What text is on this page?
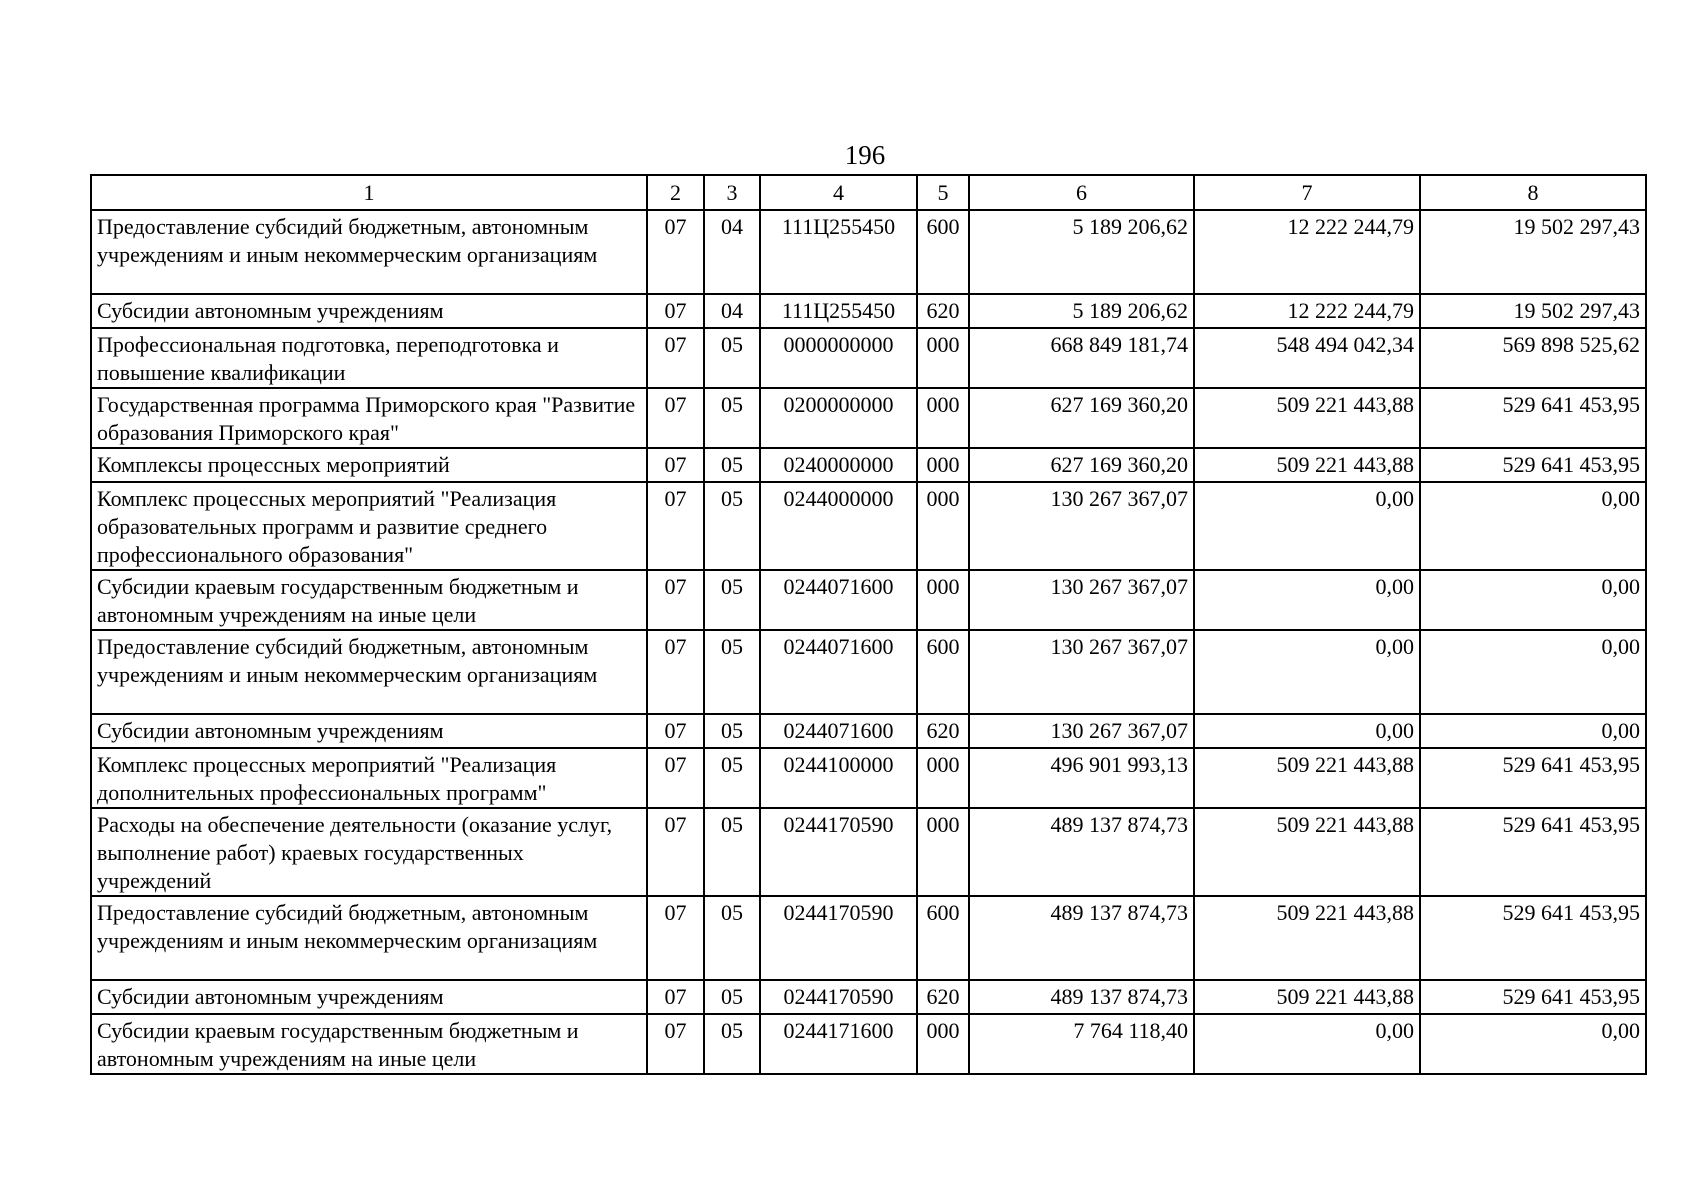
196
1	2	3	4	5	6	7	8
Предоставление субсидий бюджетным, автономным учреждениям и иным некоммерческим организациям	07	04	111Ц255450	600	5 189 206,62	12 222 244,79	19 502 297,43
Субсидии автономным учреждениям	07	04	111Ц255450	620	5 189 206,62	12 222 244,79	19 502 297,43
Профессиональная подготовка, переподготовка и повышение квалификации	07	05	0000000000	000	668 849 181,74	548 494 042,34	569 898 525,62
Государственная программа Приморского края "Развитие образования Приморского края"	07	05	0200000000	000	627 169 360,20	509 221 443,88	529 641 453,95
Комплексы процессных мероприятий	07	05	0240000000	000	627 169 360,20	509 221 443,88	529 641 453,95
Комплекс процессных мероприятий "Реализация образовательных программ и развитие среднего профессионального образования"	07	05	0244000000	000	130 267 367,07	0,00	0,00
Субсидии краевым государственным бюджетным и автономным учреждениям на иные цели	07	05	0244071600	000	130 267 367,07	0,00	0,00
Предоставление субсидий бюджетным, автономным учреждениям и иным некоммерческим организациям	07	05	0244071600	600	130 267 367,07	0,00	0,00
Субсидии автономным учреждениям	07	05	0244071600	620	130 267 367,07	0,00	0,00
Комплекс процессных мероприятий "Реализация дополнительных профессиональных программ"	07	05	0244100000	000	496 901 993,13	509 221 443,88	529 641 453,95
Расходы на обеспечение деятельности (оказание услуг, выполнение работ) краевых государственных учреждений	07	05	0244170590	000	489 137 874,73	509 221 443,88	529 641 453,95
Предоставление субсидий бюджетным, автономным учреждениям и иным некоммерческим организациям	07	05	0244170590	600	489 137 874,73	509 221 443,88	529 641 453,95
Субсидии автономным учреждениям	07	05	0244170590	620	489 137 874,73	509 221 443,88	529 641 453,95
Субсидии краевым государственным бюджетным и автономным учреждениям на иные цели	07	05	0244171600	000	7 764 118,40	0,00	0,00
